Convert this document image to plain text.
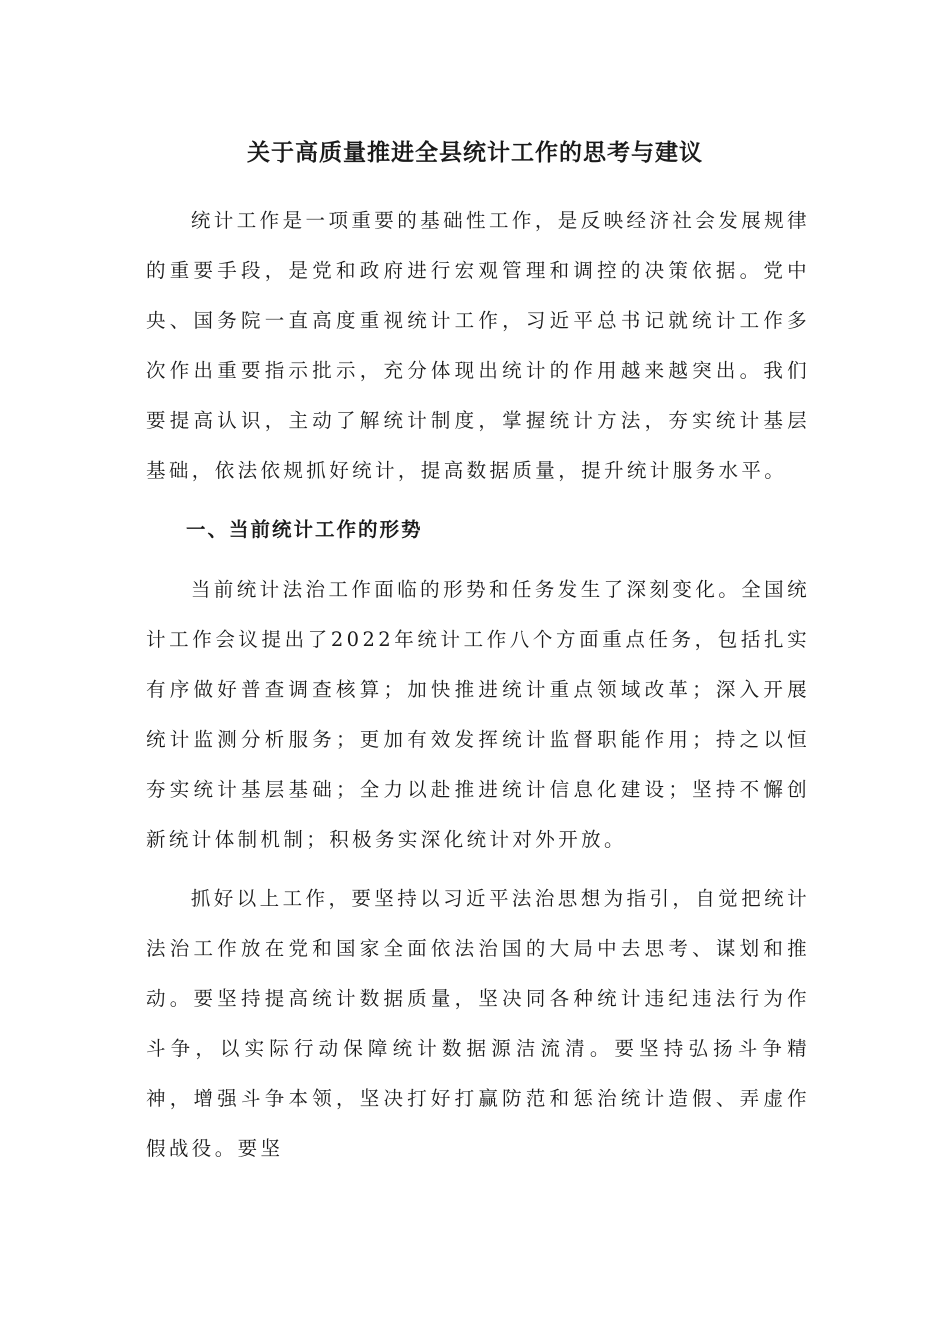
关于高质量推进全县统计工作的思考与建议

统计工作是一项重要的基础性工作，是反映经济社会发展规律的重要手段，是党和政府进行宏观管理和调控的决策依据。党中央、国务院一直高度重视统计工作，习近平总书记就统计工作多次作出重要指示批示，充分体现出统计的作用越来越突出。我们要提高认识，主动了解统计制度，掌握统计方法，夯实统计基层基础，依法依规抓好统计，提高数据质量，提升统计服务水平。

一、当前统计工作的形势

当前统计法治工作面临的形势和任务发生了深刻变化。全国统计工作会议提出了2022年统计工作八个方面重点任务，包括扎实有序做好普查调查核算；加快推进统计重点领域改革；深入开展统计监测分析服务；更加有效发挥统计监督职能作用；持之以恒夯实统计基层基础；全力以赴推进统计信息化建设；坚持不懈创新统计体制机制；积极务实深化统计对外开放。

抓好以上工作，要坚持以习近平法治思想为指引，自觉把统计法治工作放在党和国家全面依法治国的大局中去思考、谋划和推动。要坚持提高统计数据质量，坚决同各种统计违纪违法行为作斗争，以实际行动保障统计数据源洁流清。要坚持弘扬斗争精神，增强斗争本领，坚决打好打赢防范和惩治统计造假、弄虚作假战役。要坚
